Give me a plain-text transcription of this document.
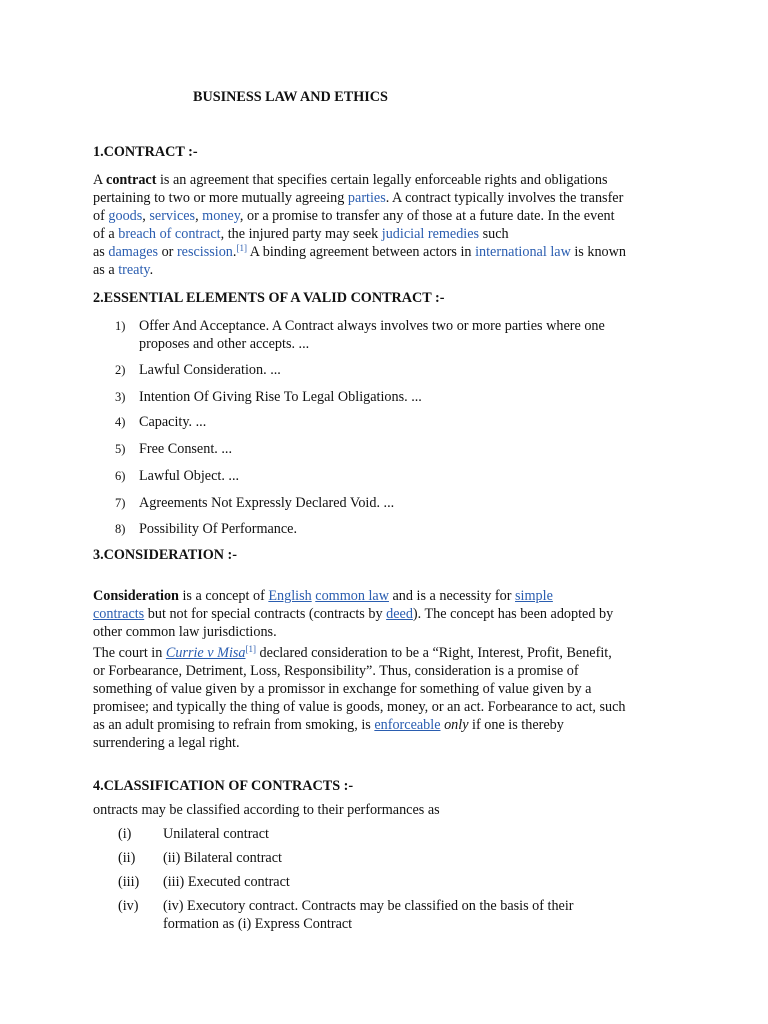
BUSINESS LAW AND ETHICS
1.CONTRACT :-
A contract is an agreement that specifies certain legally enforceable rights and obligations
pertaining to two or more mutually agreeing parties. A contract typically involves the transfer
of goods, services, money, or a promise to transfer any of those at a future date. In the event
of a breach of contract, the injured party may seek judicial remedies such
as damages or rescission.[1] A binding agreement between actors in international law is known
as a treaty.
2.ESSENTIAL ELEMENTS OF A VALID CONTRACT :-
1) Offer And Acceptance. A Contract always involves two or more parties where one
proposes and other accepts. ...
2) Lawful Consideration. ...
3) Intention Of Giving Rise To Legal Obligations. ...
4) Capacity. ...
5) Free Consent. ...
6) Lawful Object. ...
7) Agreements Not Expressly Declared Void. ...
8) Possibility Of Performance.
3.CONSIDERATION :-
Consideration is a concept of English common law and is a necessity for simple
contracts but not for special contracts (contracts by deed). The concept has been adopted by
other common law jurisdictions.
The court in Currie v Misa[1] declared consideration to be a “Right, Interest, Profit, Benefit,
or Forbearance, Detriment, Loss, Responsibility”. Thus, consideration is a promise of
something of value given by a promissor in exchange for something of value given by a
promisee; and typically the thing of value is goods, money, or an act. Forbearance to act, such
as an adult promising to refrain from smoking, is enforceable only if one is thereby
surrendering a legal right.
4.CLASSIFICATION OF CONTRACTS :-
ontracts may be classified according to their performances as
(i)	Unilateral contract
(ii)	(ii) Bilateral contract
(iii)	(iii) Executed contract
(iv)	(iv) Executory contract. Contracts may be classified on the basis of their
formation as (i) Express Contract
